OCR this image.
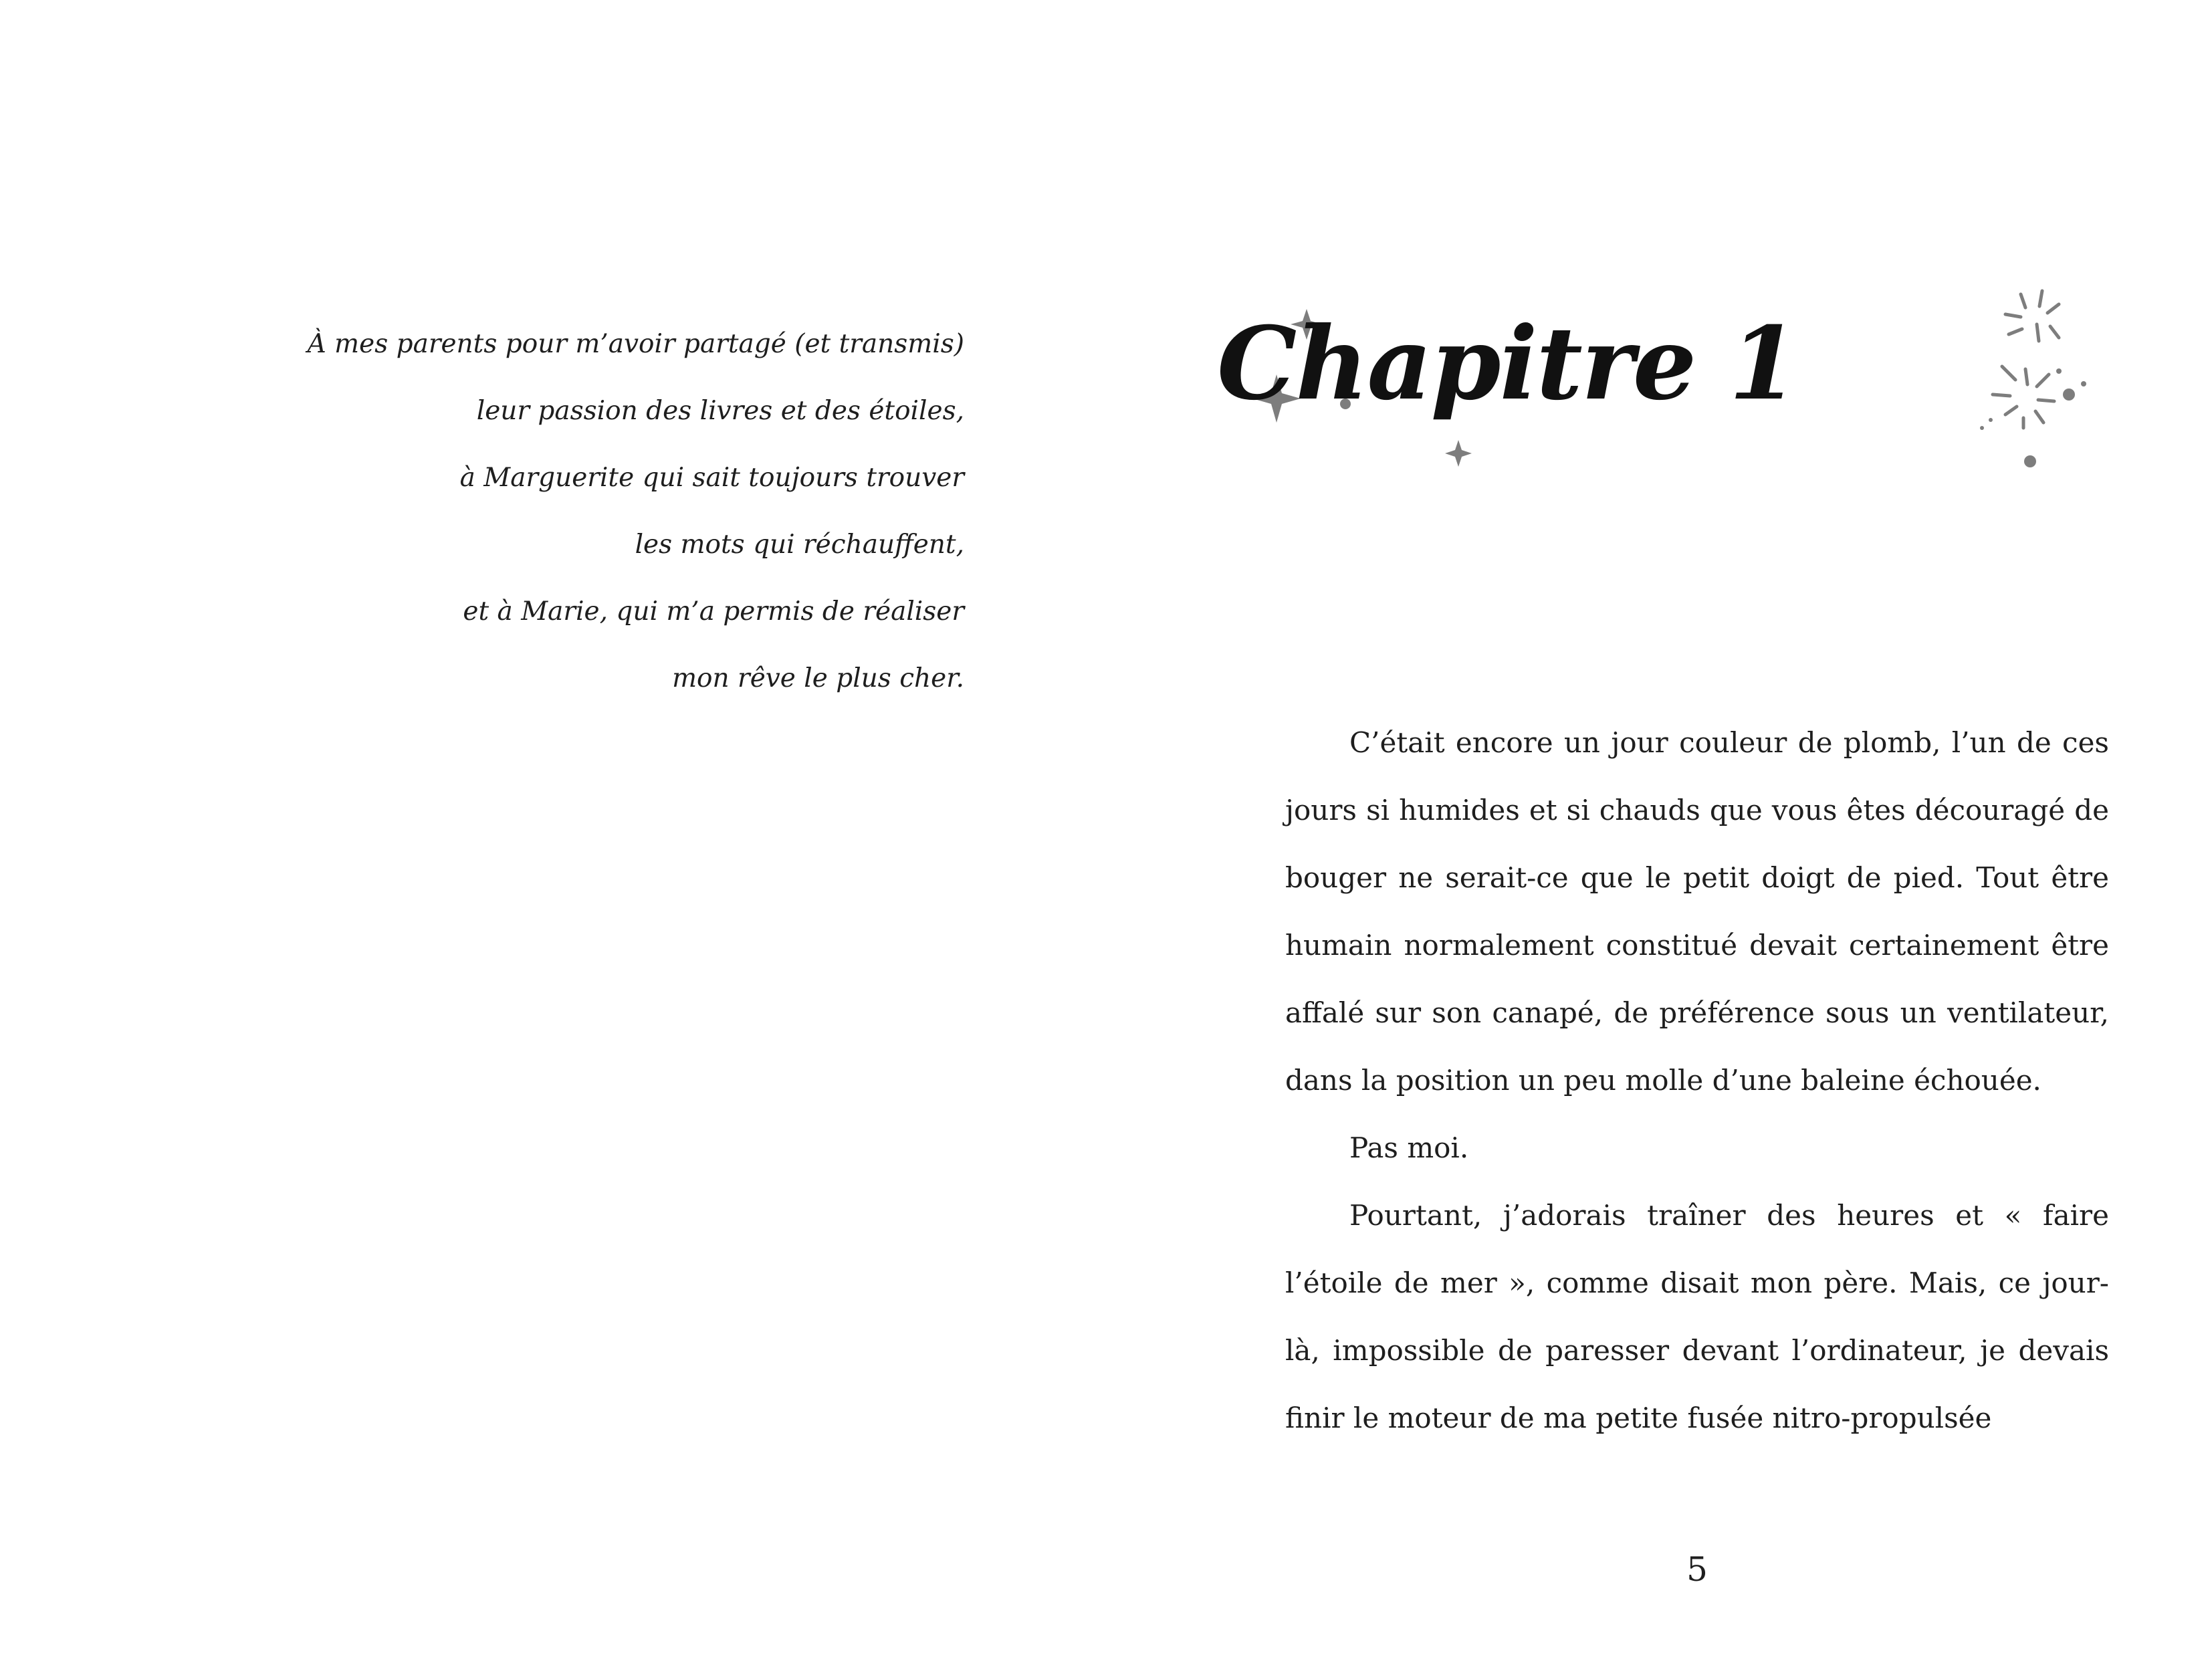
À mes parents pour m’avoir partagé (et transmis)
leur passion des livres et des étoiles,
à Marguerite qui sait toujours trouver
les mots qui réchauffent,
et à Marie, qui m’a permis de réaliser
mon rêve le plus cher.
Chapitre 1

C’était encore un jour couleur de plomb, l’un de ces jours si humides et si chauds que vous êtes découragé de bouger ne serait-ce que le petit doigt de pied. Tout être humain normalement constitué devait certainement être affalé sur son canapé, de préférence sous un ventilateur, dans la position un peu molle d’une baleine échouée.

Pas moi.

Pourtant, j’adorais traîner des heures et « faire l’étoile de mer », comme disait mon père. Mais, ce jour-là, impossible de paresser devant l’ordinateur, je devais finir le moteur de ma petite fusée nitro-propulsée

5
